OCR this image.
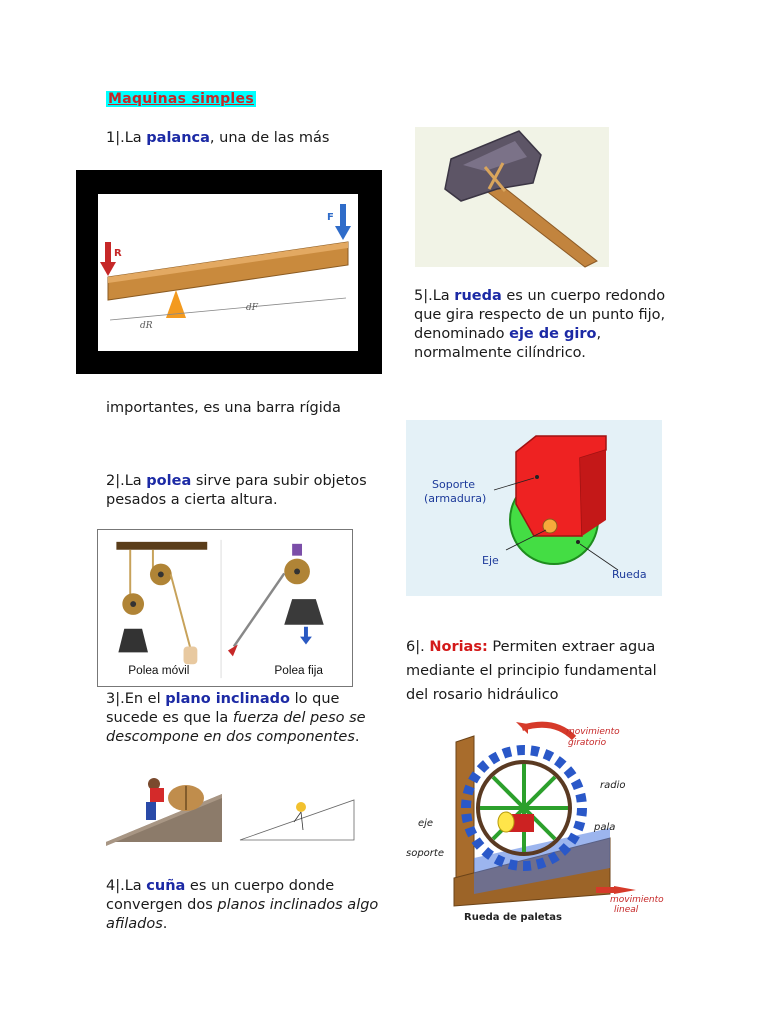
Maquinas simples
1|.La palanca, una de las más
R
F
dR
dF
importantes, es una barra rígida
2|.La polea sirve para subir objetos
pesados a cierta altura.
Polea móvil	Polea fija
3|.En el plano inclinado lo que
sucede es que la fuerza del peso se
descompone en dos componentes.
4|.La cuña es un cuerpo donde
convergen dos planos inclinados algo
afilados.
5|.La rueda es un cuerpo redondo
que gira respecto de un punto fijo,
denominado eje de giro,
normalmente cilíndrico.
Soporte
(armadura)
Eje
Rueda
6|. Norias: Permiten extraer agua
mediante el principio fundamental
del rosario hidráulico
movimiento
giratorio
movimiento
lineal
radio
pala
eje
soporte
Rueda de paletas
